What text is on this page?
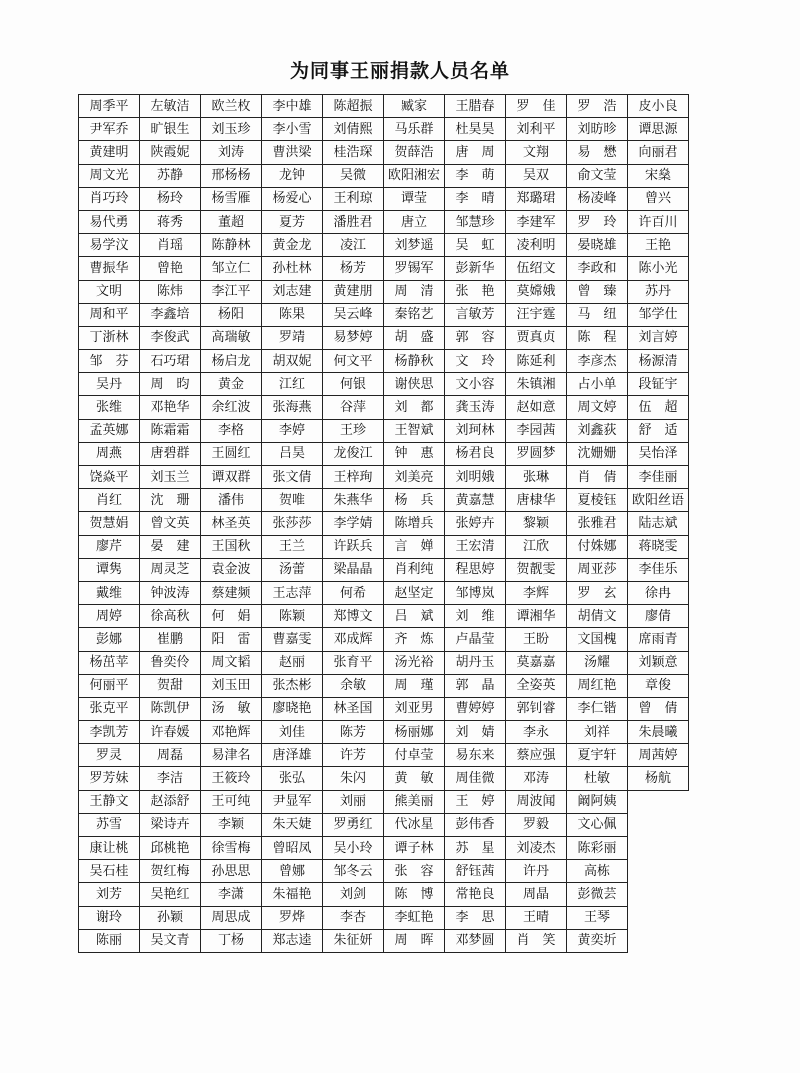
为同事王丽捐款人员名单
周季平	左敏洁	欧兰枚	李中雄	陈超振	臧家	王腊春	罗　佳	罗　浩	皮小良
尹军乔	旷银生	刘玉珍	李小雪	刘倩熙	马乐群	杜昊昊	刘利平	刘昉昣	谭思源
黄建明	陕霞妮	刘涛	曹洪梁	桂浩琛	贺薛浩	唐　周	文翔	易　懋	向丽君
周文光	苏静	邢杨杨	龙钟	吴微	欧阳湘宏	李　萌	吴双	俞文莹	宋燊
肖巧玲	杨玲	杨雪雁	杨爱心	王利琼	谭莹	李　晴	郑璐珺	杨凌峰	曾兴
易代勇	蒋秀	董超	夏芳	潘胜君	唐立	邹慧珍	李建军	罗　玲	许百川
易学汶	肖瑶	陈静林	黄金龙	凌江	刘梦遥	吴　虹	凌利明	晏晓雄	王艳
曹振华	曾艳	邹立仁	孙杜林	杨芳	罗锡军	彭新华	伍绍文	李政和	陈小光
文明	陈炜	李江平	刘志建	黄建朋	周　清	张　艳	莫嫦娥	曾　臻	苏丹
周和平	李鑫培	杨阳	陈果	吴云峰	秦铭艺	言敏芳	汪宇霆	马　纽	邹学仕
丁浙林	李俊武	高瑞敏	罗靖	易梦婷	胡　盛	郭　容	贾真贞	陈　程	刘言婷
邹　芬	石巧珺	杨启龙	胡双妮	何文平	杨静秋	文　玲	陈延利	李彦杰	杨源清
吴丹	周　昀	黄金	江红	何银	谢侠思	文小容	朱镇湘	占小单	段钲宇
张维	邓艳华	余红波	张海燕	谷萍	刘　都	龚玉涛	赵如意	周文婷	伍　超
孟英娜	陈霜霜	李格	李婷	王珍	王智斌	刘珂林	李园茜	刘鑫荻	舒　适
周燕	唐碧群	王圆红	吕昊	龙俊江	钟　惠	杨君良	罗圆梦	沈姗姗	吴怡泽
饶焱平	刘玉兰	谭双群	张文倩	王梓珣	刘美亮	刘明娥	张琳	肖　倩	李佳丽
肖红	沈　珊	潘伟	贺唯	朱燕华	杨　兵	黄嘉慧	唐棣华	夏棱钰	欧阳丝语
贺慧娟	曾文英	林圣英	张莎莎	李学婧	陈增兵	张婷卉	黎颖	张雅君	陆志斌
廖芹	晏　建	王国秋	王兰	许跃兵	言　婵	王宏清	江欣	付姝娜	蒋晓雯
谭隽	周灵芝	袁金波	汤蕾	梁晶晶	肖利纯	程思婷	贺靓雯	周亚莎	李佳乐
戴维	钟波涛	蔡建频	王志萍	何希	赵坚定	邹博岚	李辉	罗　玄	徐冉
周婷	徐高秋	何　娟	陈颖	郑博文	吕　斌	刘　维	谭湘华	胡倩文	廖倩
彭娜	崔鹏	阳　雷	曹嘉雯	邓成辉	齐　炼	卢晶莹	王盼	文国槐	席雨青
杨茁苹	鲁奕伶	周文韬	赵丽	张育平	汤光裕	胡丹玉	莫嘉嘉	汤耀	刘颖意
何丽平	贺甜	刘玉田	张杰彬	余敏	周　瑾	郭　晶	全姿英	周红艳	章俊
张克平	陈凯伊	汤　敏	廖晓艳	林圣国	刘亚男	曹婷婷	郭钊睿	李仁锴	曾　倩
李凯芳	许春媛	邓艳辉	刘佳	陈芳	杨丽娜	刘　婧	李永	刘祥	朱晨曦
罗灵	周磊	易津名	唐泽雄	许芳	付卓莹	易东来	蔡应强	夏宇轩	周茜婷
罗芳妹	李洁	王筱玲	张弘	朱闪	黄　敏	周佳微	邓涛	杜敏	杨航
王静文	赵添舒	王可纯	尹显军	刘丽	熊美丽	王　婷	周波闻	阚阿姨	
苏雪	梁诗卉	李颖	朱天婕	罗勇红	代冰星	彭伟香	罗毅	文心佩	
康让桃	邱桃艳	徐雪梅	曾昭凤	吴小玲	谭子林	苏　星	刘凌杰	陈彩丽	
吴石桂	贺红梅	孙思思	曾娜	邹冬云	张　容	舒钰茜	许丹	高栋	
刘芳	吴艳红	李潇	朱福艳	刘剑	陈　博	常艳良	周晶	彭微芸	
谢玲	孙颖	周思成	罗烨	李杏	李虹艳	李　思	王晴	王琴	
陈丽	吴文青	丁杨	郑志逵	朱征妍	周　晖	邓梦圆	肖　笑	黄奕圻	
